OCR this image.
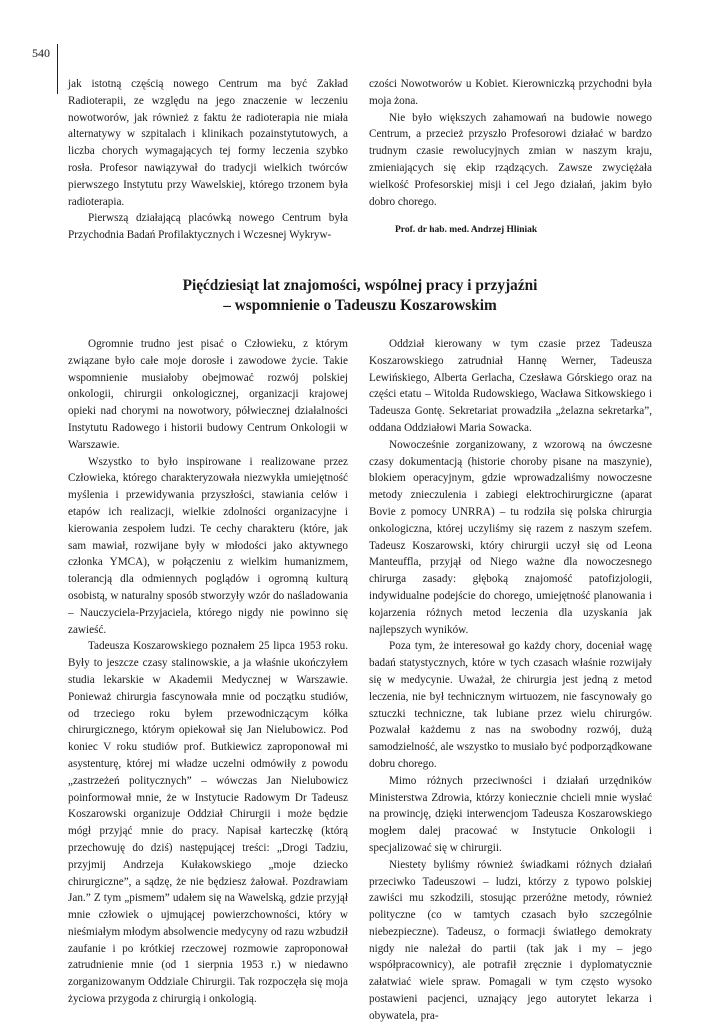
540

jak istotną częścią nowego Centrum ma być Zakład Radioterapii, ze względu na jego znaczenie w leczeniu nowotworów, jak również z faktu że radioterapia nie miała alternatywy w szpitalach i klinikach pozainstytutowych, a liczba chorych wymagających tej formy leczenia szybko rosła. Profesor nawiązywał do tradycji wielkich twórców pierwszego Instytutu przy Wawelskiej, którego trzonem była radioterapia.

Pierwszą działającą placówką nowego Centrum była Przychodnia Badań Profilaktycznych i Wczesnej Wykryw-

czości Nowotworów u Kobiet. Kierowniczką przychodni była moja żona.

Nie było większych zahamowań na budowie nowego Centrum, a przecież przyszło Profesorowi działać w bardzo trudnym czasie rewolucyjnych zmian w naszym kraju, zmieniających się ekip rządzących. Zawsze zwyciężała wielkość Profesorskiej misji i cel Jego działań, jakim było dobro chorego.

Prof. dr hab. med. Andrzej Hliniak

Pięćdziesiąt lat znajomości, wspólnej pracy i przyjaźni
– wspomnienie o Tadeuszu Koszarowskim

Ogromnie trudno jest pisać o Człowieku, z którym związane było całe moje dorosłe i zawodowe życie. Takie wspomnienie musiałoby obejmować rozwój polskiej onkologii, chirurgii onkologicznej, organizacji krajowej opieki nad chorymi na nowotwory, półwiecznej działalności Instytutu Radowego i historii budowy Centrum Onkologii w Warszawie.

Wszystko to było inspirowane i realizowane przez Człowieka, którego charakteryzowała niezwykła umiejętność myślenia i przewidywania przyszłości, stawiania celów i etapów ich realizacji, wielkie zdolności organizacyjne i kierowania zespołem ludzi. Te cechy charakteru (które, jak sam mawiał, rozwijane były w młodości jako aktywnego członka YMCA), w połączeniu z wielkim humanizmem, tolerancją dla odmiennych poglądów i ogromną kulturą osobistą, w naturalny sposób stworzyły wzór do naśladowania – Nauczyciela-Przyjaciela, którego nigdy nie powinno się zawieść.

Tadeusza Koszarowskiego poznałem 25 lipca 1953 roku. Były to jeszcze czasy stalinowskie, a ja właśnie ukończyłem studia lekarskie w Akademii Medycznej w Warszawie. Ponieważ chirurgia fascynowała mnie od początku studiów, od trzeciego roku byłem przewodniczącym kółka chirurgicznego, którym opiekował się Jan Nielubowicz. Pod koniec V roku studiów prof. Butkiewicz zaproponował mi asystenturę, której mi władze uczelni odmówiły z powodu „zastrzeżeń politycznych” – wówczas Jan Nielubowicz poinformował mnie, że w Instytucie Radowym Dr Tadeusz Koszarowski organizuje Oddział Chirurgii i może będzie mógł przyjąć mnie do pracy. Napisał karteczkę (którą przechowuję do dziś) następującej treści: „Drogi Tadziu, przyjmij Andrzeja Kułakowskiego „moje dziecko chirurgiczne”, a sądzę, że nie będziesz żałował. Pozdrawiam Jan.” Z tym „pismem” udałem się na Wawelską, gdzie przyjął mnie człowiek o ujmującej powierzchowności, który w nieśmiałym młodym absolwencie medycyny od razu wzbudził zaufanie i po krótkiej rzeczowej rozmowie zaproponował zatrudnienie mnie (od 1 sierpnia 1953 r.) w niedawno zorganizowanym Oddziale Chirurgii. Tak rozpoczęła się moja życiowa przygoda z chirurgią i onkologią.

Oddział kierowany w tym czasie przez Tadeusza Koszarowskiego zatrudniał Hannę Werner, Tadeusza Lewińskiego, Alberta Gerlacha, Czesława Górskiego oraz na części etatu – Witolda Rudowskiego, Wacława Sitkowskiego i Tadeusza Gontę. Sekretariat prowadziła „żelazna sekretarka”, oddana Oddziałowi Maria Sowacka.

Nowocześnie zorganizowany, z wzorową na ówczesne czasy dokumentacją (historie choroby pisane na maszynie), blokiem operacyjnym, gdzie wprowadzaliśmy nowoczesne metody znieczulenia i zabiegi elektrochirurgiczne (aparat Bovie z pomocy UNRRA) – tu rodziła się polska chirurgia onkologiczna, której uczyliśmy się razem z naszym szefem. Tadeusz Koszarowski, który chirurgii uczył się od Leona Manteuffla, przyjął od Niego ważne dla nowoczesnego chirurga zasady: głęboką znajomość patofizjologii, indywidualne podejście do chorego, umiejętność planowania i kojarzenia różnych metod leczenia dla uzyskania jak najlepszych wyników.

Poza tym, że interesował go każdy chory, doceniał wagę badań statystycznych, które w tych czasach właśnie rozwijały się w medycynie. Uważał, że chirurgia jest jedną z metod leczenia, nie był technicznym wirtuozem, nie fascynowały go sztuczki techniczne, tak lubiane przez wielu chirurgów. Pozwalał każdemu z nas na swobodny rozwój, dużą samodzielność, ale wszystko to musiało być podporządkowane dobru chorego.

Mimo różnych przeciwności i działań urzędników Ministerstwa Zdrowia, którzy koniecznie chcieli mnie wysłać na prowincję, dzięki interwencjom Tadeusza Koszarowskiego mogłem dalej pracować w Instytucie Onkologii i specjalizować się w chirurgii.

Niestety byliśmy również świadkami różnych działań przeciwko Tadeuszowi – ludzi, którzy z typowo polskiej zawiści mu szkodzili, stosując przeróżne metody, również polityczne (co w tamtych czasach było szczególnie niebezpieczne). Tadeusz, o formacji światłego demokraty nigdy nie należał do partii (tak jak i my – jego współpracownicy), ale potrafił zręcznie i dyplomatycznie załatwiać wiele spraw. Pomagali w tym często wysoko postawieni pacjenci, uznający jego autorytet lekarza i obywatela, pra-
